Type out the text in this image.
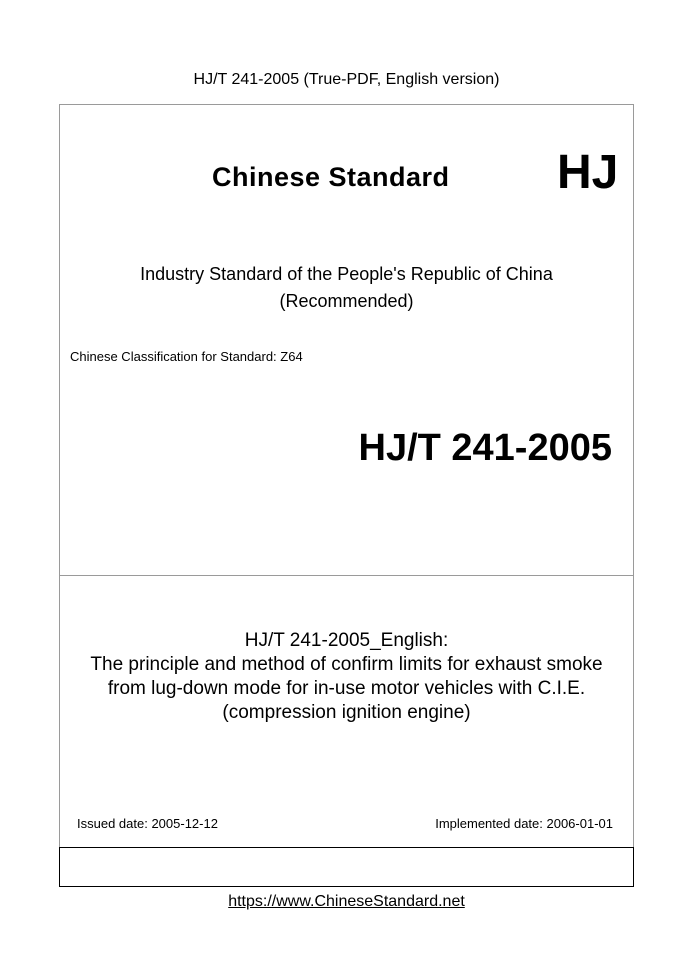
HJ/T 241-2005 (True-PDF, English version)
Chinese Standard HJ
Industry Standard of the People's Republic of China
(Recommended)
Chinese Classification for Standard: Z64
HJ/T 241-2005
HJ/T 241-2005_English:
The principle and method of confirm limits for exhaust smoke
from lug-down mode for in-use motor vehicles with C.I.E.
(compression ignition engine)
Issued date: 2005-12-12	Implemented date: 2006-01-01
https://www.ChineseStandard.net
